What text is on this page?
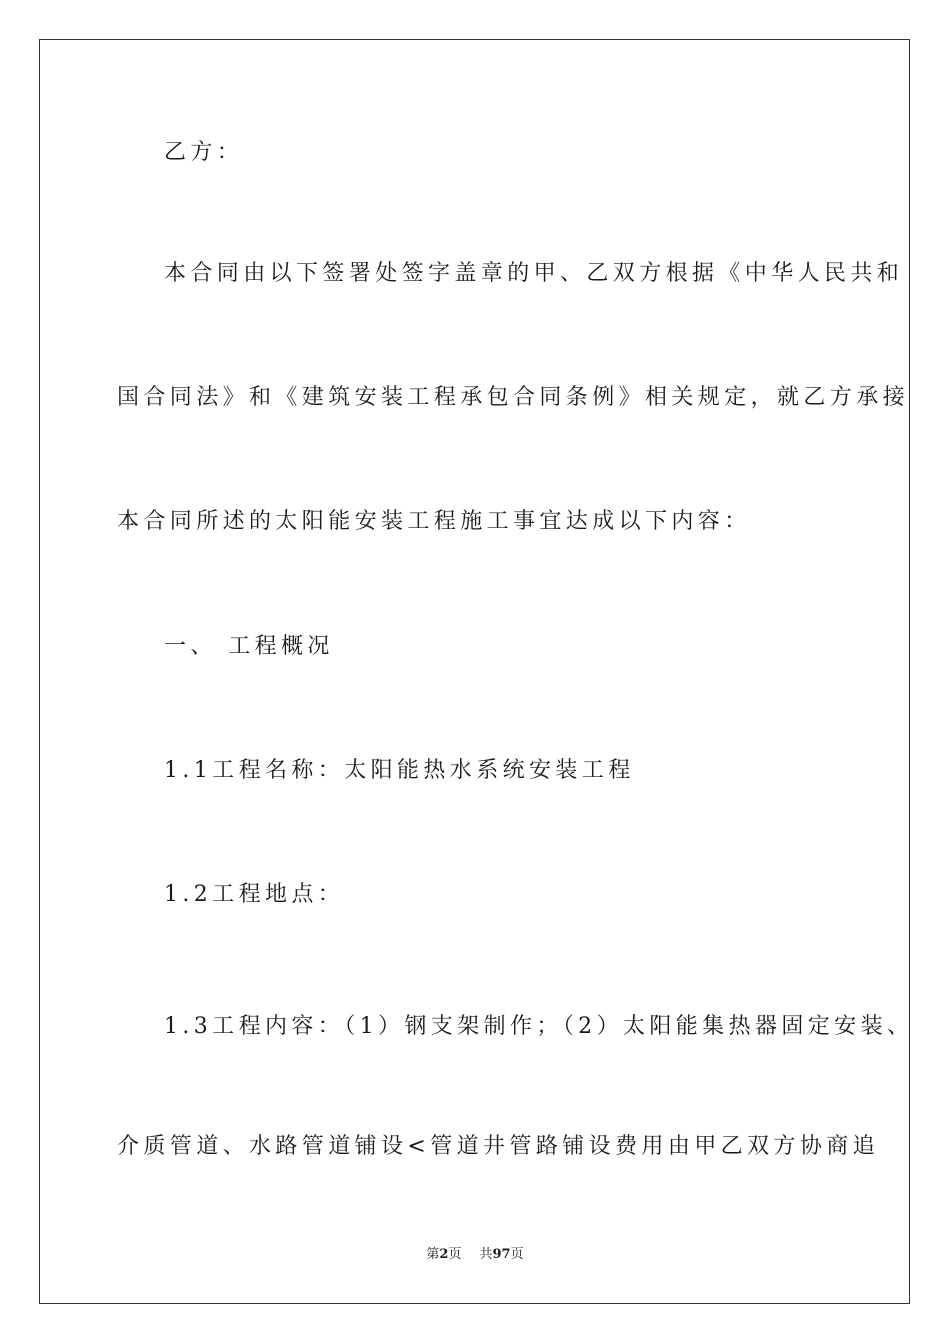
乙方：
本合同由以下签署处签字盖章的甲、乙双方根据《中华人民共和
国合同法》和《建筑安装工程承包合同条例》相关规定，就乙方承接
本合同所述的太阳能安装工程施工事宜达成以下内容：
一、 工程概况
1.1工程名称：太阳能热水系统安装工程
1.2工程地点：
1.3工程内容：（1）钢支架制作；（2）太阳能集热器固定安装、
介质管道、水路管道铺设<管道井管路铺设费用由甲乙双方协商追
第2页 共97页
